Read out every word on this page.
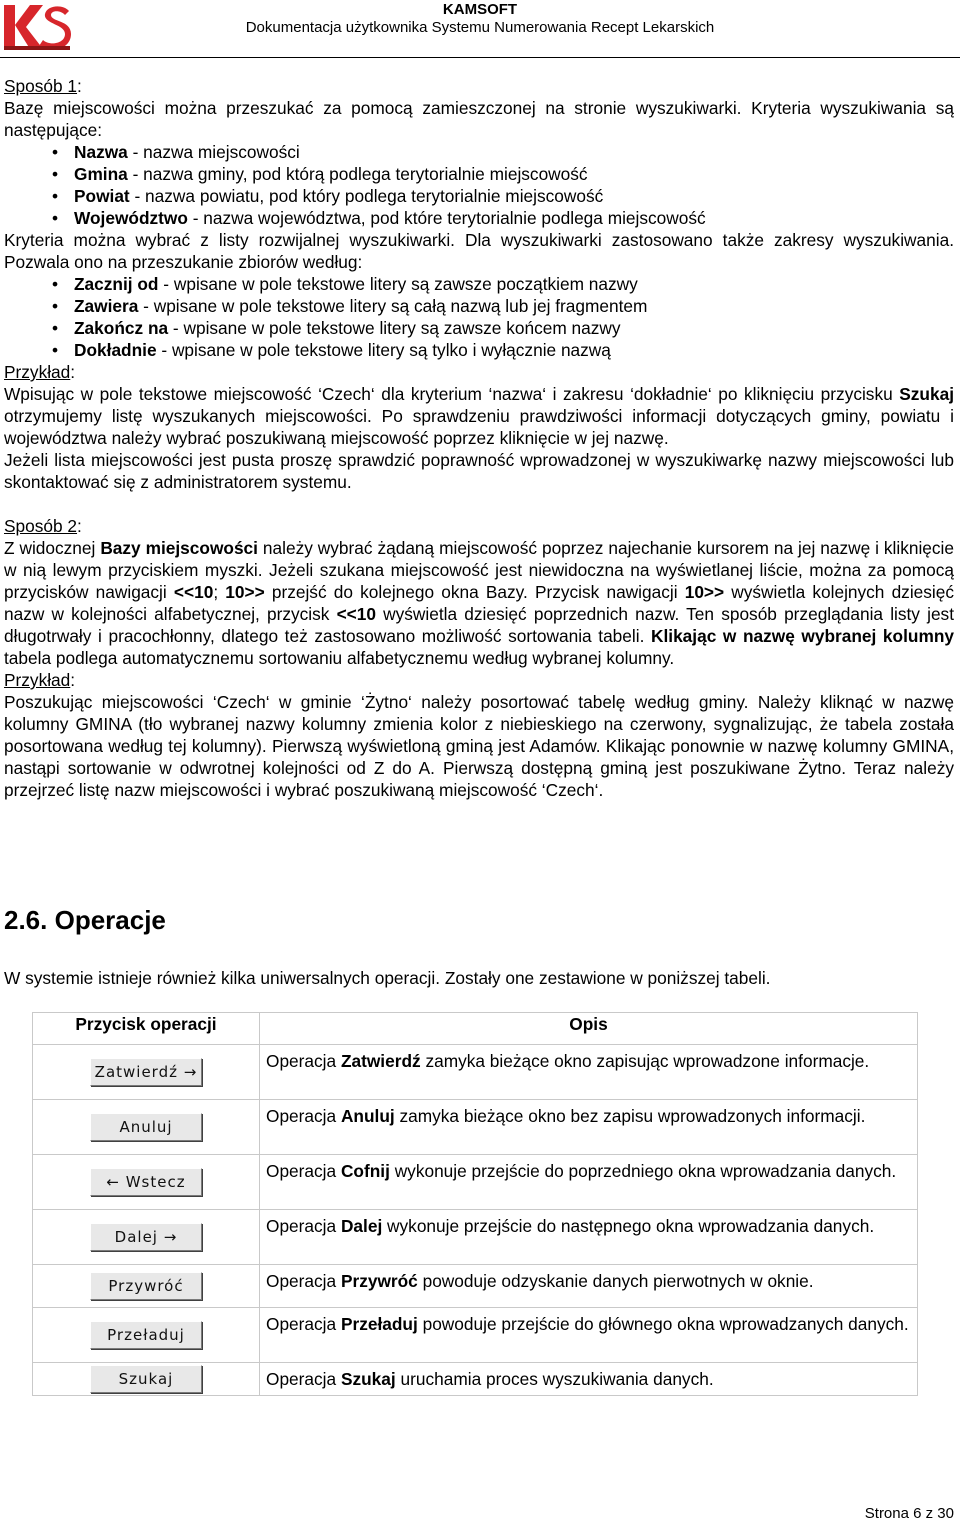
KAMSOFT
Dokumentacja użytkownika Systemu Numerowania Recept Lekarskich
Sposób 1:
Bazę miejscowości można przeszukać za pomocą zamieszczonej na stronie wyszukiwarki. Kryteria wyszukiwania są następujące:
• Nazwa - nazwa miejscowości
• Gmina - nazwa gminy, pod którą podlega terytorialnie miejscowość
• Powiat - nazwa powiatu, pod który podlega terytorialnie miejscowość
• Województwo - nazwa województwa, pod które terytorialnie podlega miejscowość
Kryteria można wybrać z listy rozwijalnej wyszukiwarki. Dla wyszukiwarki zastosowano także zakresy wyszukiwania. Pozwala ono na przeszukanie zbiorów według:
• Zacznij od - wpisane w pole tekstowe litery są zawsze początkiem nazwy
• Zawiera - wpisane w pole tekstowe litery są całą nazwą lub jej fragmentem
• Zakończ na - wpisane w pole tekstowe litery są zawsze końcem nazwy
• Dokładnie - wpisane w pole tekstowe litery są tylko i wyłącznie nazwą
Przykład:
Wpisując w pole tekstowe miejscowość ‘Czech‘ dla kryterium ‘nazwa‘ i zakresu ‘dokładnie‘ po kliknięciu przycisku Szukaj otrzymujemy listę wyszukanych miejscowości. Po sprawdzeniu prawdziwości informacji dotyczących gminy, powiatu i województwa należy wybrać poszukiwaną miejscowość poprzez kliknięcie w jej nazwę.
Jeżeli lista miejscowości jest pusta proszę sprawdzić poprawność wprowadzonej w wyszukiwarkę nazwy miejscowości lub skontaktować się z administratorem systemu.
Sposób 2:
Z widocznej Bazy miejscowości należy wybrać żądaną miejscowość poprzez najechanie kursorem na jej nazwę i kliknięcie w nią lewym przyciskiem myszki. Jeżeli szukana miejscowość jest niewidoczna na wyświetlanej liście, można za pomocą przycisków nawigacji <<10; 10>> przejść do kolejnego okna Bazy. Przycisk nawigacji 10>> wyświetla kolejnych dziesięć nazw w kolejności alfabetycznej, przycisk <<10 wyświetla dziesięć poprzednich nazw. Ten sposób przeglądania listy jest długotrwały i pracochłonny, dlatego też zastosowano możliwość sortowania tabeli. Klikając w nazwę wybranej kolumny tabela podlega automatycznemu sortowaniu alfabetycznemu według wybranej kolumny.
Przykład:
Poszukując miejscowości ‘Czech‘ w gminie ‘Żytno‘ należy posortować tabelę według gminy. Należy kliknąć w nazwę kolumny GMINA (tło wybranej nazwy kolumny zmienia kolor z niebieskiego na czerwony, sygnalizując, że tabela została posortowana według tej kolumny). Pierwszą wyświetloną gminą jest Adamów. Klikając ponownie w nazwę kolumny GMINA, nastąpi sortowanie w odwrotnej kolejności od Z do A. Pierwszą dostępną gminą jest poszukiwane Żytno. Teraz należy przejrzeć listę nazw miejscowości i wybrać poszukiwaną miejscowość ‘Czech‘.
2.6. Operacje
W systemie istnieje również kilka uniwersalnych operacji. Zostały one zestawione w poniższej tabeli.
Przycisk operacji	Opis
Zatwierdź →	Operacja Zatwierdź zamyka bieżące okno zapisując wprowadzone informacje.
Anuluj	Operacja Anuluj zamyka bieżące okno bez zapisu wprowadzonych informacji.
← Wstecz	Operacja Cofnij wykonuje przejście do poprzedniego okna wprowadzania danych.
Dalej →	Operacja Dalej wykonuje przejście do następnego okna wprowadzania danych.
Przywróć	Operacja Przywróć powoduje odzyskanie danych pierwotnych w oknie.
Przeładuj	Operacja Przeładuj powoduje przejście do głównego okna wprowadzanych danych.
Szukaj	Operacja Szukaj uruchamia proces wyszukiwania danych.
Strona 6 z 30
